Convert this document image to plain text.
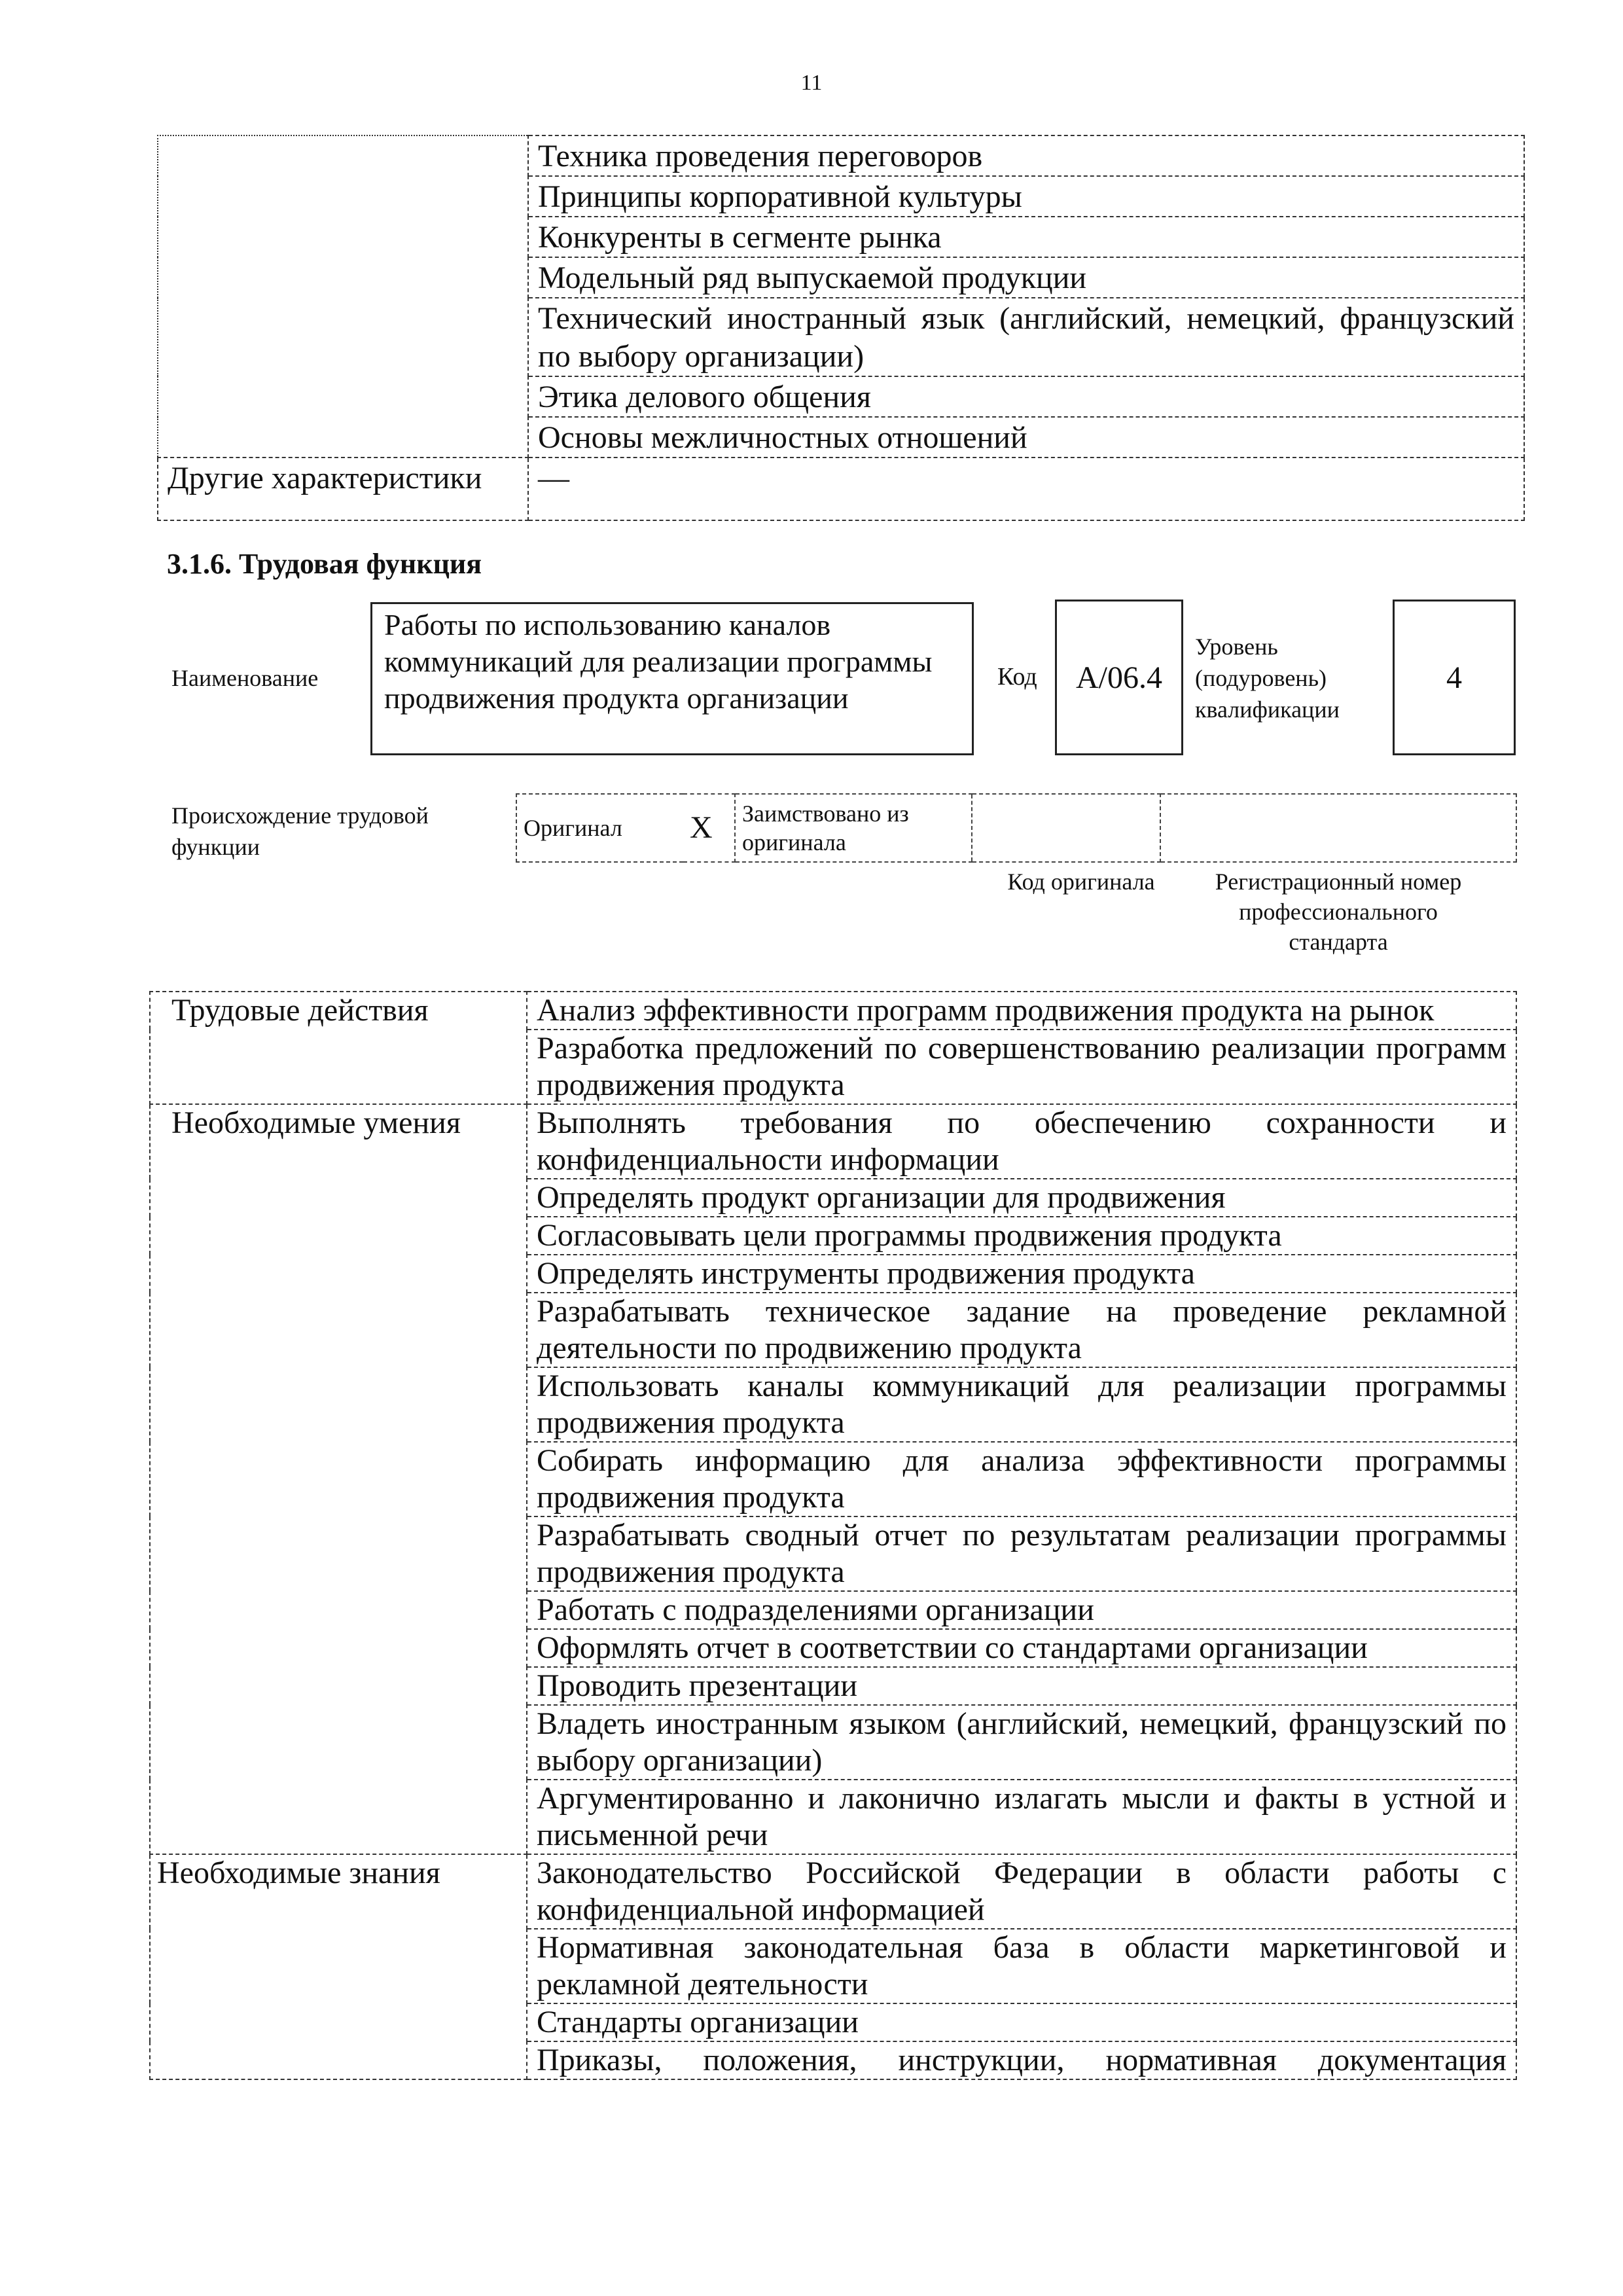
11
	Техника проведения переговоров
	Принципы корпоративной культуры
	Конкуренты в сегменте рынка
	Модельный ряд выпускаемой продукции
	Технический иностранный язык (английский, немецкий, французский по выбору организации)
	Этика делового общения
	Основы межличностных отношений
Другие характеристики	—
3.1.6. Трудовая функция
Наименование
Работы по использованию каналов коммуникаций для реализации программы продвижения продукта организации
Код	A/06.4
Уровень (подуровень) квалификации
4
Происхождение трудовой функции
Оригинал	X	Заимствовано из оригинала		
Код оригинала	Регистрационный номер профессионального стандарта
Трудовые действия	Анализ эффективности программ продвижения продукта на рынок
	Разработка предложений по совершенствованию реализации программ продвижения продукта
Необходимые умения	Выполнять требования по обеспечению сохранности и конфиденциальности информации
	Определять продукт организации для продвижения
	Согласовывать цели программы продвижения продукта
	Определять инструменты продвижения продукта
	Разрабатывать техническое задание на проведение рекламной деятельности по продвижению продукта
	Использовать каналы коммуникаций для реализации программы продвижения продукта
	Собирать информацию для анализа эффективности программы продвижения продукта
	Разрабатывать сводный отчет по результатам реализации программы продвижения продукта
	Работать с подразделениями организации
	Оформлять отчет в соответствии со стандартами организации
	Проводить презентации
	Владеть иностранным языком (английский, немецкий, французский по выбору организации)
	Аргументированно и лаконично излагать мысли и факты в устной и письменной речи
Необходимые знания	Законодательство Российской Федерации в области работы с конфиденциальной информацией
	Нормативная законодательная база в области маркетинговой и рекламной деятельности
	Стандарты организации
	Приказы, положения, инструкции, нормативная документация
